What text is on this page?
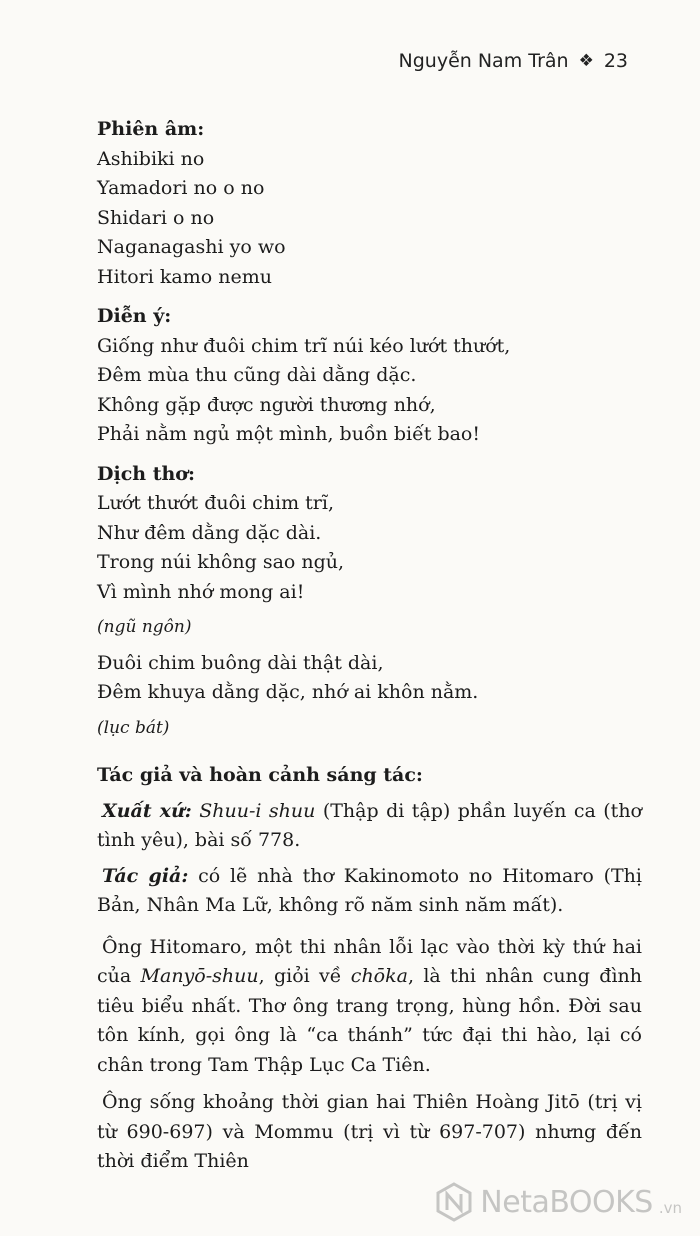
Nguyễn Nam Trân ❖ 23
Phiên âm:
Ashibiki no
Yamadori no o no
Shidari o no
Naganagashi yo wo
Hitori kamo nemu
Diễn ý:
Giống như đuôi chim trĩ núi kéo lướt thướt,
Đêm mùa thu cũng dài dằng dặc.
Không gặp được người thương nhớ,
Phải nằm ngủ một mình, buồn biết bao!
Dịch thơ:
Lướt thướt đuôi chim trĩ,
Như đêm dằng dặc dài.
Trong núi không sao ngủ,
Vì mình nhớ mong ai!
(ngũ ngôn)
Đuôi chim buông dài thật dài,
Đêm khuya dằng dặc, nhớ ai khôn nằm.
(lục bát)
Tác giả và hoàn cảnh sáng tác:

Xuất xứ: Shuu-i shuu (Thập di tập) phần luyến ca (thơ tình yêu), bài số 778.

Tác giả: có lẽ nhà thơ Kakinomoto no Hitomaro (Thị Bản, Nhân Ma Lữ, không rõ năm sinh năm mất).

Ông Hitomaro, một thi nhân lỗi lạc vào thời kỳ thứ hai của Manyō-shuu, giỏi về chōka, là thi nhân cung đình tiêu biểu nhất. Thơ ông trang trọng, hùng hồn. Đời sau tôn kính, gọi ông là “ca thánh” tức đại thi hào, lại có chân trong Tam Thập Lục Ca Tiên.

Ông sống khoảng thời gian hai Thiên Hoàng Jitō (trị vị từ 690-697) và Mommu (trị vì từ 697-707) nhưng đến thời điểm Thiên

NetaBOOKS .vn
